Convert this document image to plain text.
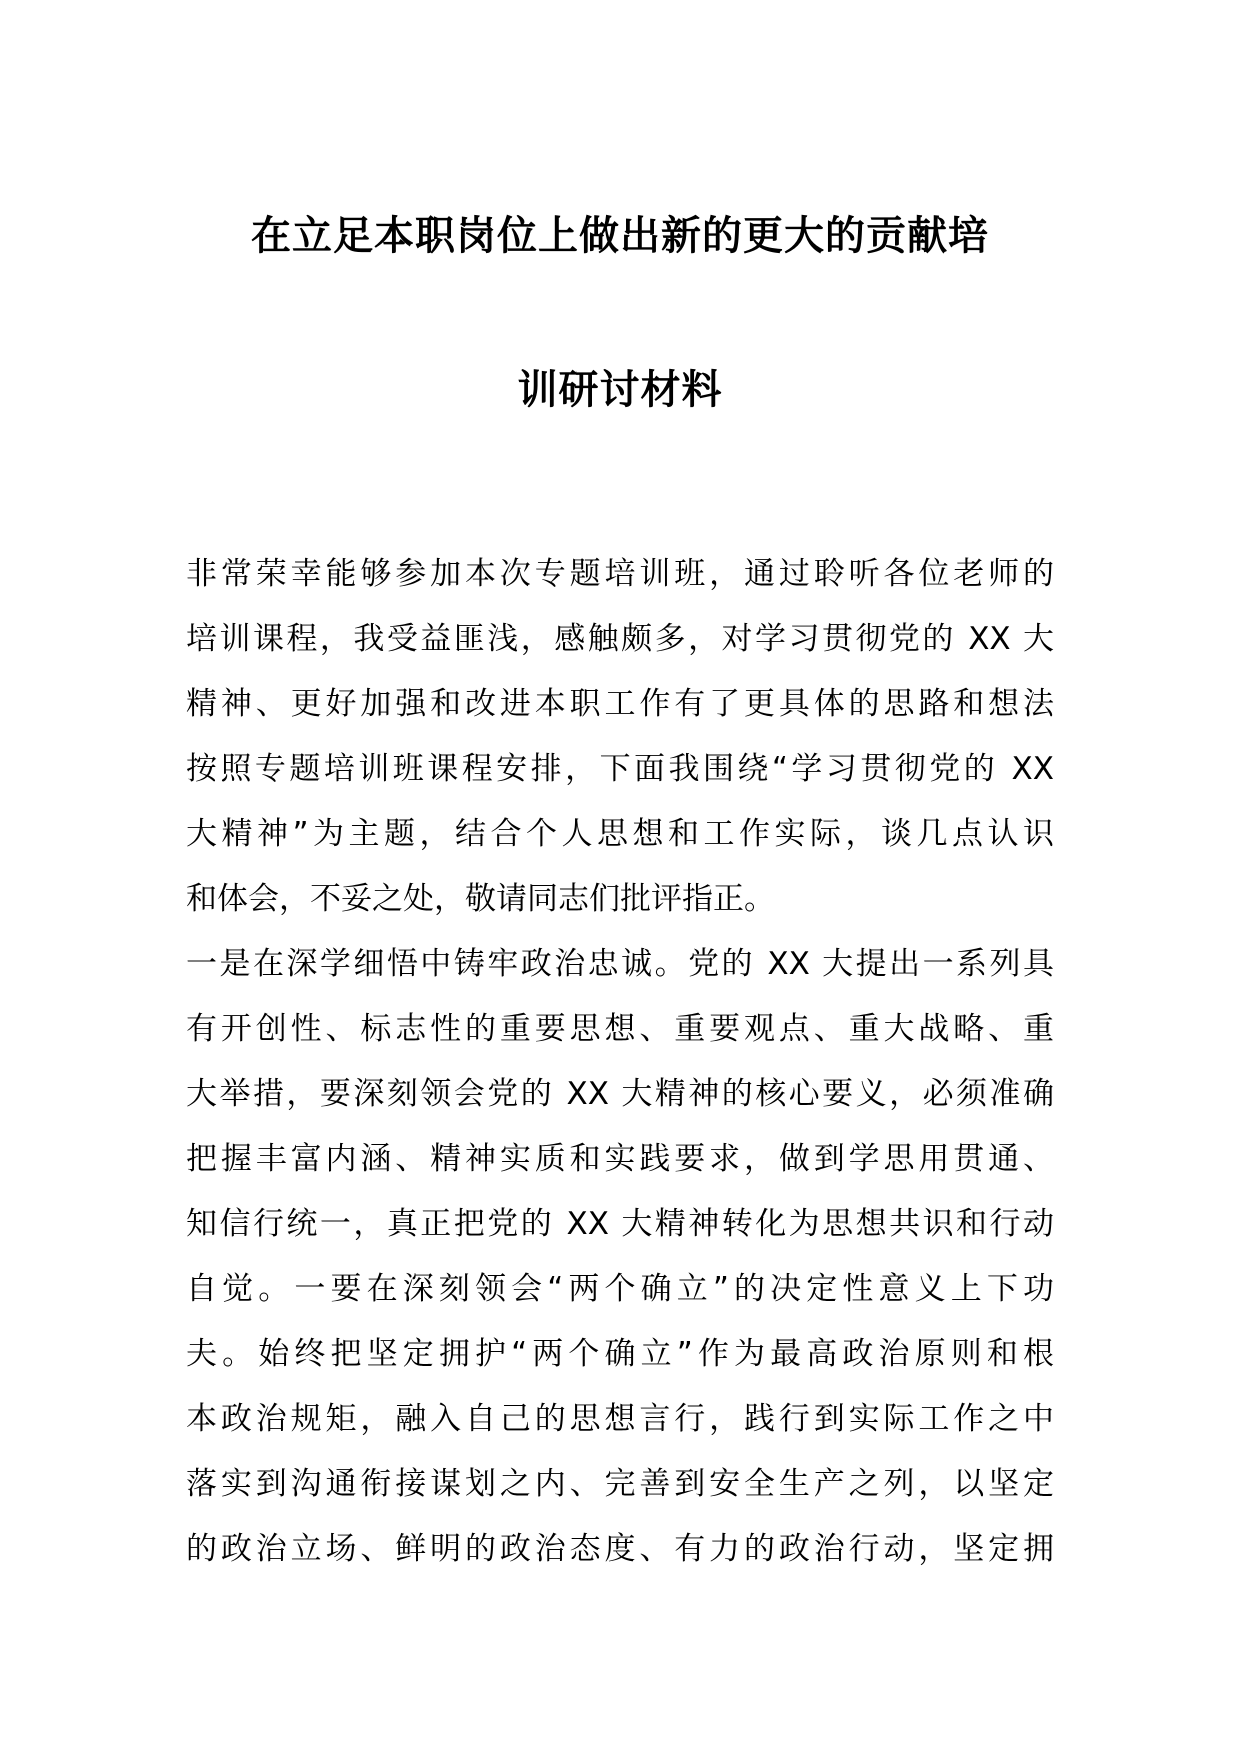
在立足本职岗位上做出新的更大的贡献培
训研讨材料
非常荣幸能够参加本次专题培训班，通过聆听各位老师的
培训课程，我受益匪浅，感触颇多，对学习贯彻党的 XX 大
精神、更好加强和改进本职工作有了更具体的思路和想法
按照专题培训班课程安排，下面我围绕“学习贯彻党的 XX
大精神”为主题，结合个人思想和工作实际，谈几点认识
和体会，不妥之处，敬请同志们批评指正。
一是在深学细悟中铸牢政治忠诚。党的 XX 大提出一系列具
有开创性、标志性的重要思想、重要观点、重大战略、重
大举措，要深刻领会党的 XX 大精神的核心要义，必须准确
把握丰富内涵、精神实质和实践要求，做到学思用贯通、
知信行统一，真正把党的 XX 大精神转化为思想共识和行动
自觉。一要在深刻领会“两个确立”的决定性意义上下功
夫。始终把坚定拥护“两个确立”作为最高政治原则和根
本政治规矩，融入自己的思想言行，践行到实际工作之中
落实到沟通衔接谋划之内、完善到安全生产之列，以坚定
的政治立场、鲜明的政治态度、有力的政治行动，坚定拥
